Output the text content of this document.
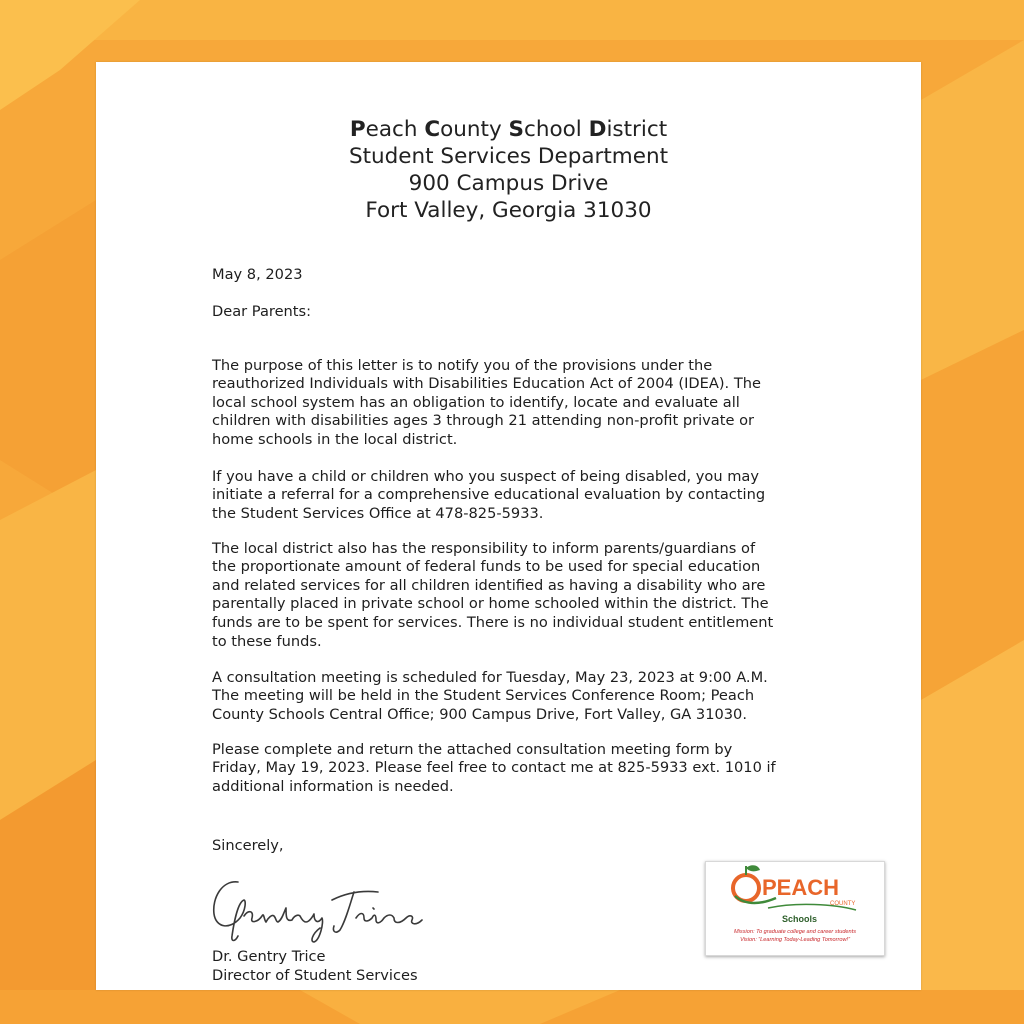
Peach County School District
Student Services Department
900 Campus Drive
Fort Valley, Georgia 31030
May 8, 2023
Dear Parents:

The purpose of this letter is to notify you of the provisions under the
reauthorized Individuals with Disabilities Education Act of 2004 (IDEA). The
local school system has an obligation to identify, locate and evaluate all
children with disabilities ages 3 through 21 attending non-profit private or
home schools in the local district.

If you have a child or children who you suspect of being disabled, you may
initiate a referral for a comprehensive educational evaluation by contacting
the Student Services Office at 478-825-5933.

The local district also has the responsibility to inform parents/guardians of
the proportionate amount of federal funds to be used for special education
and related services for all children identified as having a disability who are
parentally placed in private school or home schooled within the district. The
funds are to be spent for services. There is no individual student entitlement
to these funds.

A consultation meeting is scheduled for Tuesday, May 23, 2023 at 9:00 A.M.
The meeting will be held in the Student Services Conference Room; Peach
County Schools Central Office; 900 Campus Drive, Fort Valley, GA 31030.

Please complete and return the attached consultation meeting form by
Friday, May 19, 2023. Please feel free to contact me at 825-5933 ext. 1010 if
additional information is needed.

Sincerely,
Dr. Gentry Trice
Director of Student Services
PEACH
COUNTY
Schools
Mission: To graduate college and career students
Vision: “Learning Today-Leading Tomorrow!”
